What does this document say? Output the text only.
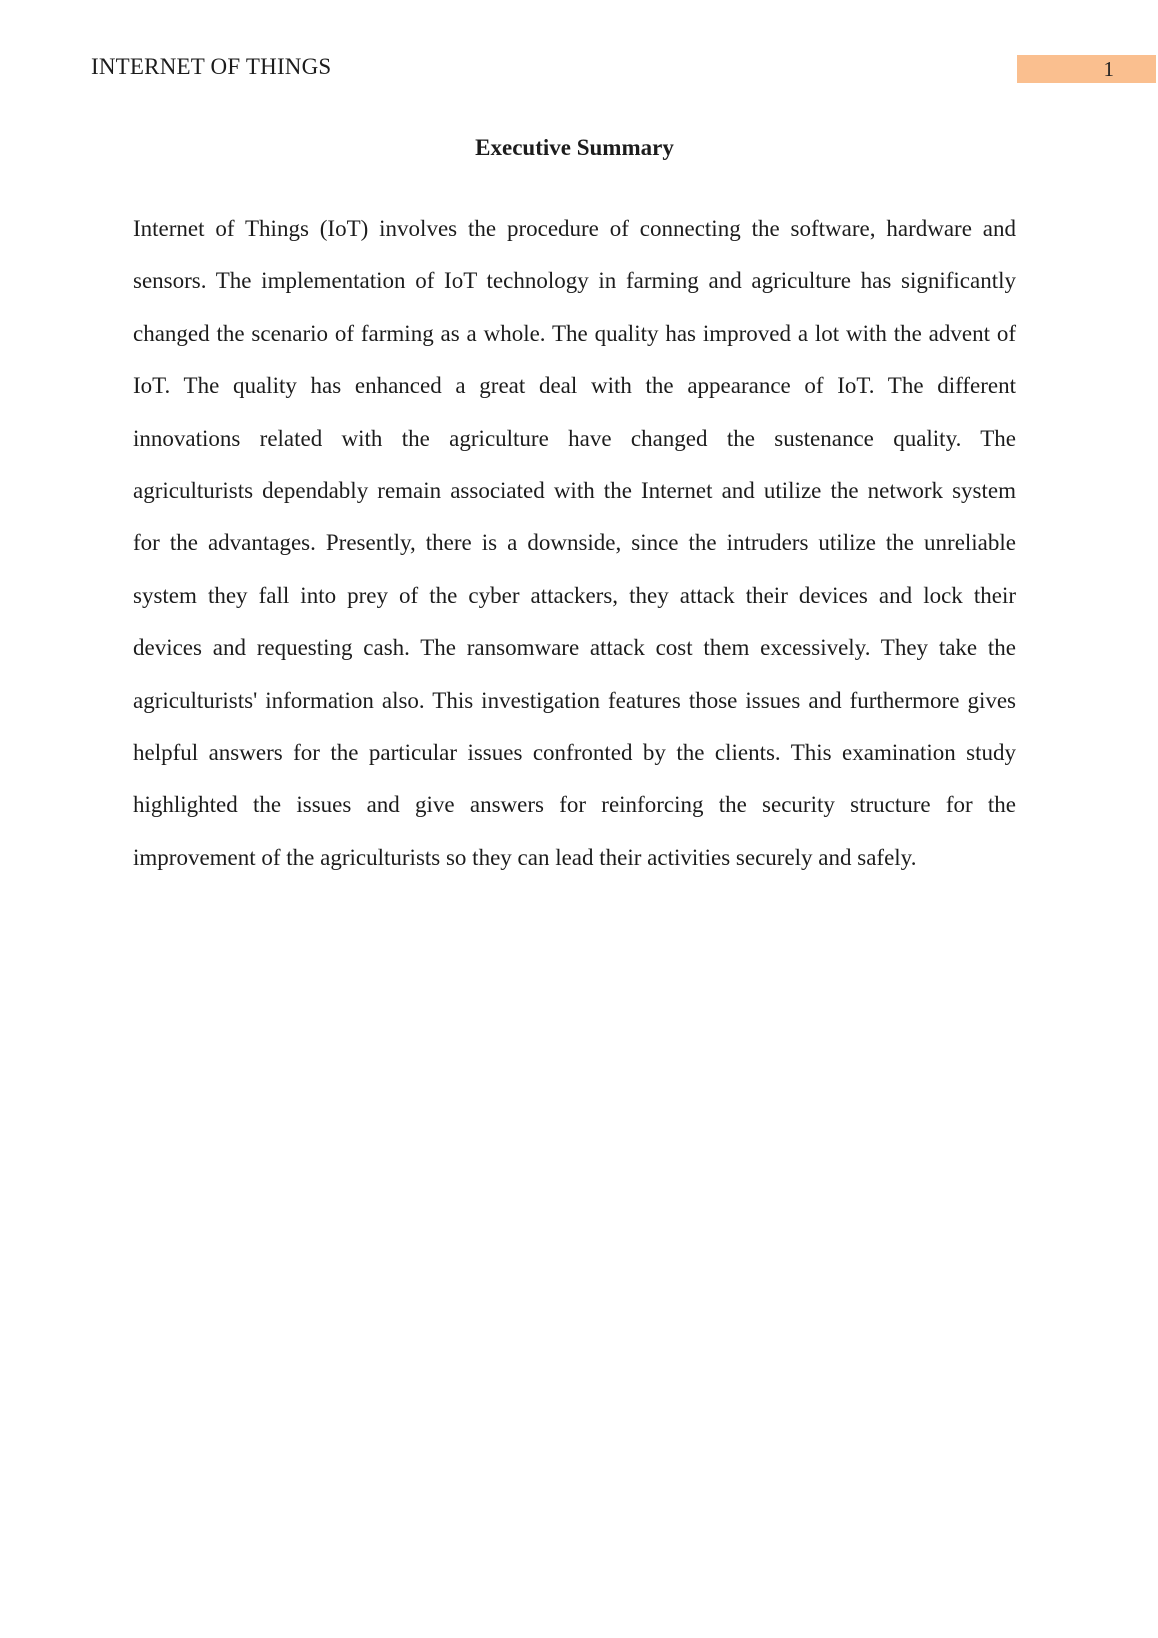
INTERNET OF THINGS	1
Executive Summary
Internet of Things (IoT) involves the procedure of connecting the software, hardware and
sensors. The implementation of IoT technology in farming and agriculture has significantly
changed the scenario of farming as a whole. The quality has improved a lot with the advent of
IoT. The quality has enhanced a great deal with the appearance of IoT. The different
innovations related with the agriculture have changed the sustenance quality. The
agriculturists dependably remain associated with the Internet and utilize the network system
for the advantages. Presently, there is a downside, since the intruders utilize the unreliable
system they fall into prey of the cyber attackers, they attack their devices and lock their
devices and requesting cash. The ransomware attack cost them excessively. They take the
agriculturists' information also. This investigation features those issues and furthermore gives
helpful answers for the particular issues confronted by the clients. This examination study
highlighted the issues and give answers for reinforcing the security structure for the
improvement of the agriculturists so they can lead their activities securely and safely.
